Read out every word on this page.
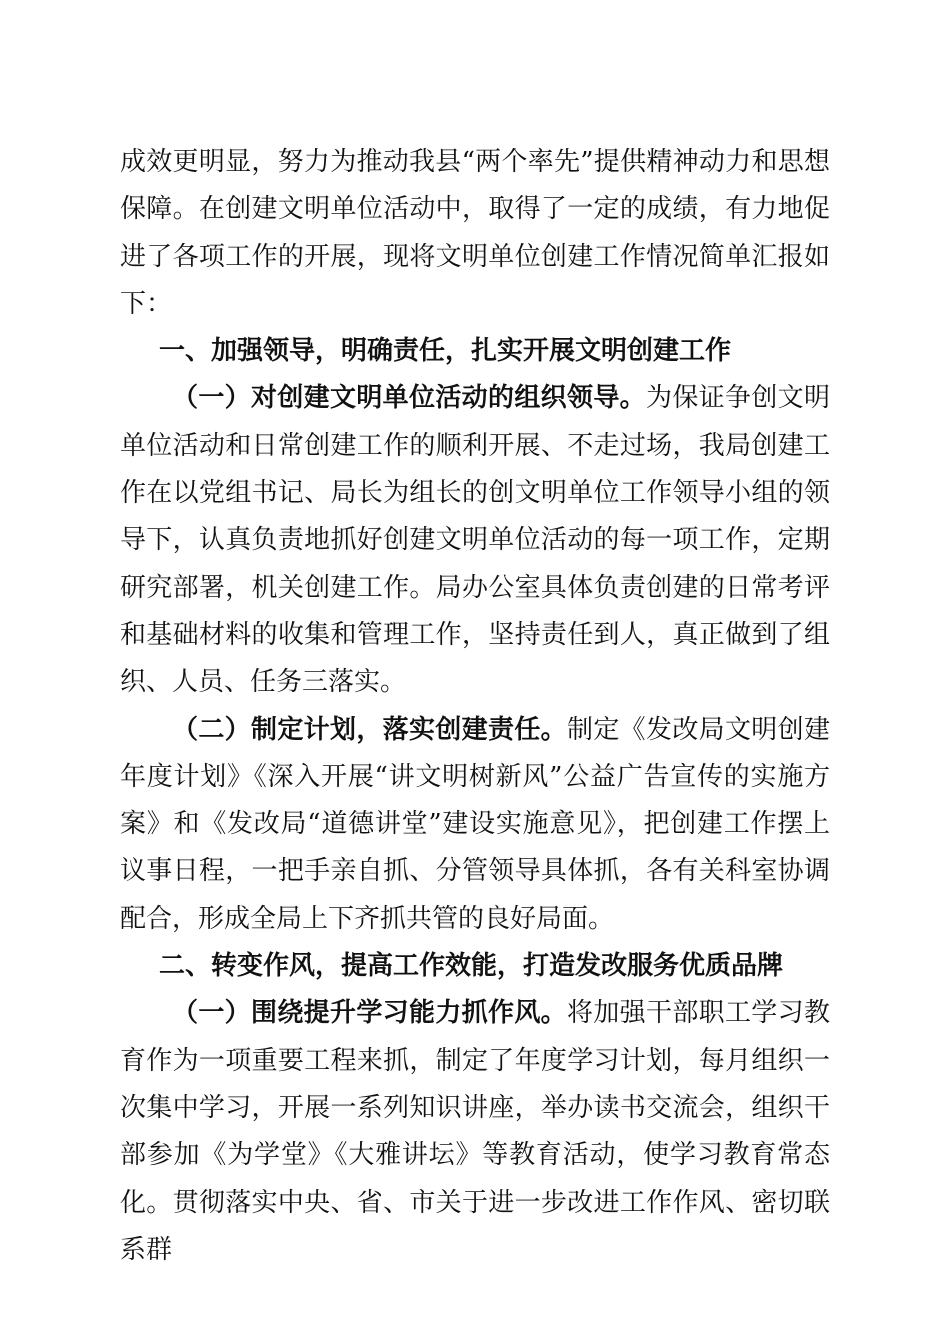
成效更明显，努力为推动我县“两个率先”提供精神动力和思想保障。在创建文明单位活动中，取得了一定的成绩，有力地促进了各项工作的开展，现将文明单位创建工作情况简单汇报如下：

一、加强领导，明确责任，扎实开展文明创建工作

（一）对创建文明单位活动的组织领导。为保证争创文明单位活动和日常创建工作的顺利开展、不走过场，我局创建工作在以党组书记、局长为组长的创文明单位工作领导小组的领导下，认真负责地抓好创建文明单位活动的每一项工作，定期研究部署，机关创建工作。局办公室具体负责创建的日常考评和基础材料的收集和管理工作，坚持责任到人，真正做到了组织、人员、任务三落实。

（二）制定计划，落实创建责任。制定《发改局文明创建年度计划》《深入开展“讲文明树新风”公益广告宣传的实施方案》和《发改局“道德讲堂”建设实施意见》，把创建工作摆上议事日程，一把手亲自抓、分管领导具体抓，各有关科室协调配合，形成全局上下齐抓共管的良好局面。

二、转变作风，提高工作效能，打造发改服务优质品牌

（一）围绕提升学习能力抓作风。将加强干部职工学习教育作为一项重要工程来抓，制定了年度学习计划，每月组织一次集中学习，开展一系列知识讲座，举办读书交流会，组织干部参加《为学堂》《大雅讲坛》等教育活动，使学习教育常态化。贯彻落实中央、省、市关于进一步改进工作作风、密切联系群
